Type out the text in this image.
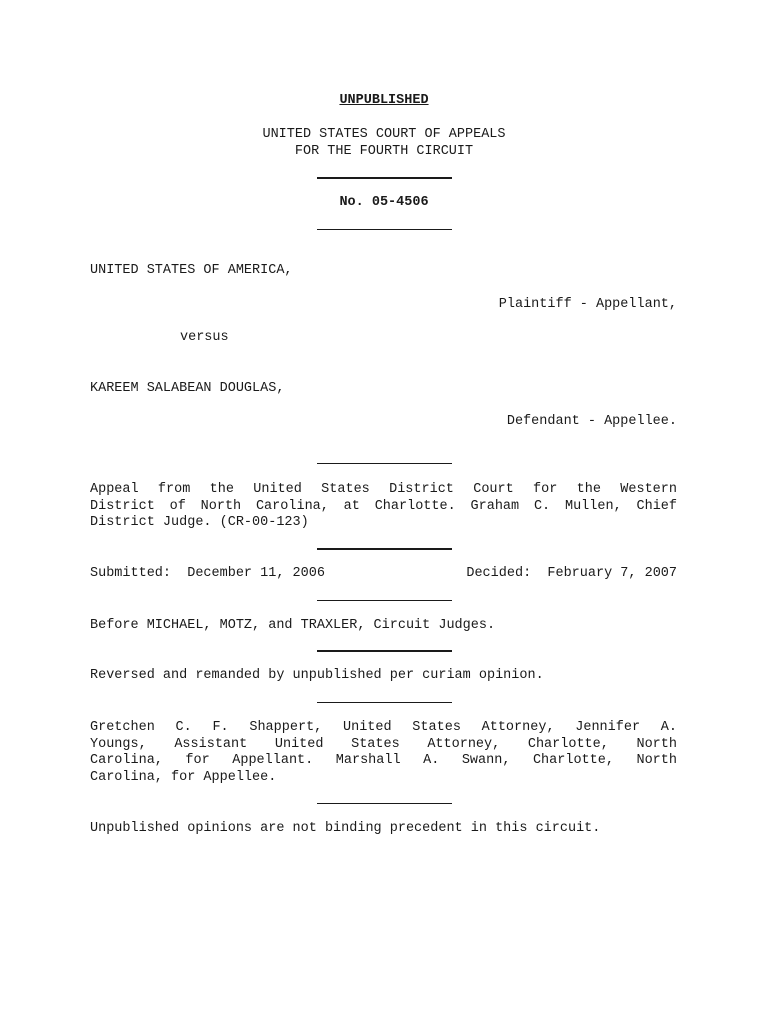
UNPUBLISHED
UNITED STATES COURT OF APPEALS
FOR THE FOURTH CIRCUIT
No. 05-4506
UNITED STATES OF AMERICA,
Plaintiff - Appellant,
versus
KAREEM SALABEAN DOUGLAS,
Defendant - Appellee.
Appeal from the United States District Court for the Western
District of North Carolina, at Charlotte. Graham C. Mullen, Chief
District Judge. (CR-00-123)
Submitted:  December 11, 2006	Decided:  February 7, 2007
Before MICHAEL, MOTZ, and TRAXLER, Circuit Judges.
Reversed and remanded by unpublished per curiam opinion.
Gretchen C. F. Shappert, United States Attorney, Jennifer A.
Youngs, Assistant United States Attorney, Charlotte, North
Carolina, for Appellant. Marshall A. Swann, Charlotte, North
Carolina, for Appellee.
Unpublished opinions are not binding precedent in this circuit.
